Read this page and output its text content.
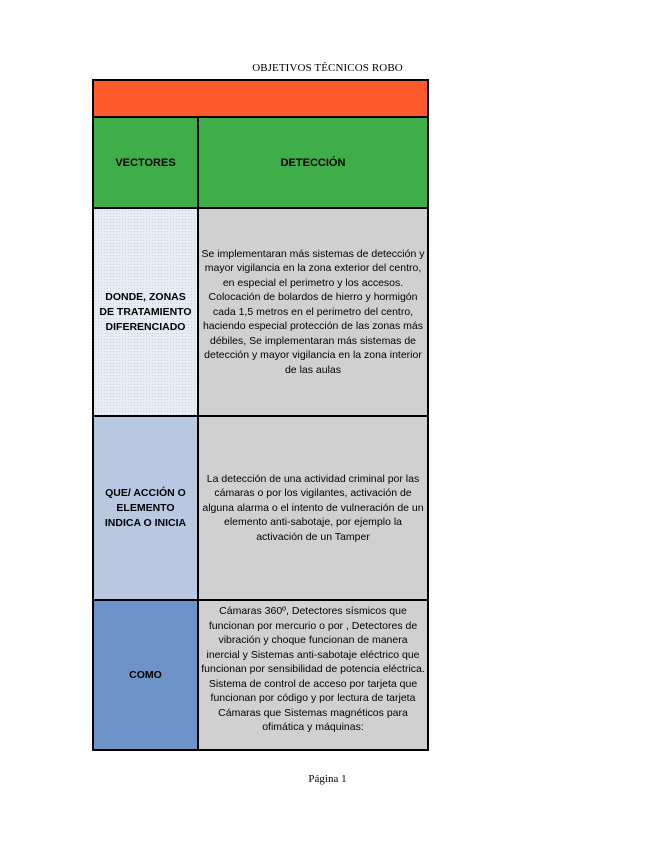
OBJETIVOS TÉCNICOS ROBO
VECTORES	DETECCIÓN
DONDE, ZONAS DE TRATAMIENTO DIFERENCIADO
Se implementaran más sistemas de detección y mayor vigilancia en la zona exterior del centro, en especial el perimetro y los accesos. Colocación de bolardos de hierro y hormigón cada 1,5 metros en el perimetro del centro, haciendo especial protección de las zonas más débiles, Se implementaran más sistemas de detección y mayor vigilancia en la zona interior de las aulas
QUE/ ACCIÓN O ELEMENTO INDICA O INICIA
La detección de una actividad criminal por las cámaras o por los vigilantes, activación de alguna alarma o el intento de vulneración de un elemento anti-sabotaje, por ejemplo la activación de un Tamper
COMO
Cámaras 360º, Detectores sísmicos que funcionan por mercurio o por , Detectores de vibración y choque funcionan de manera inercial y Sistemas anti-sabotaje eléctrico que funcionan por sensibilidad de potencia eléctrica. Sistema de control de acceso por tarjeta que funcionan por código y por lectura de tarjeta Cámaras que Sistemas magnéticos para ofimática y máquinas:
Página 1
